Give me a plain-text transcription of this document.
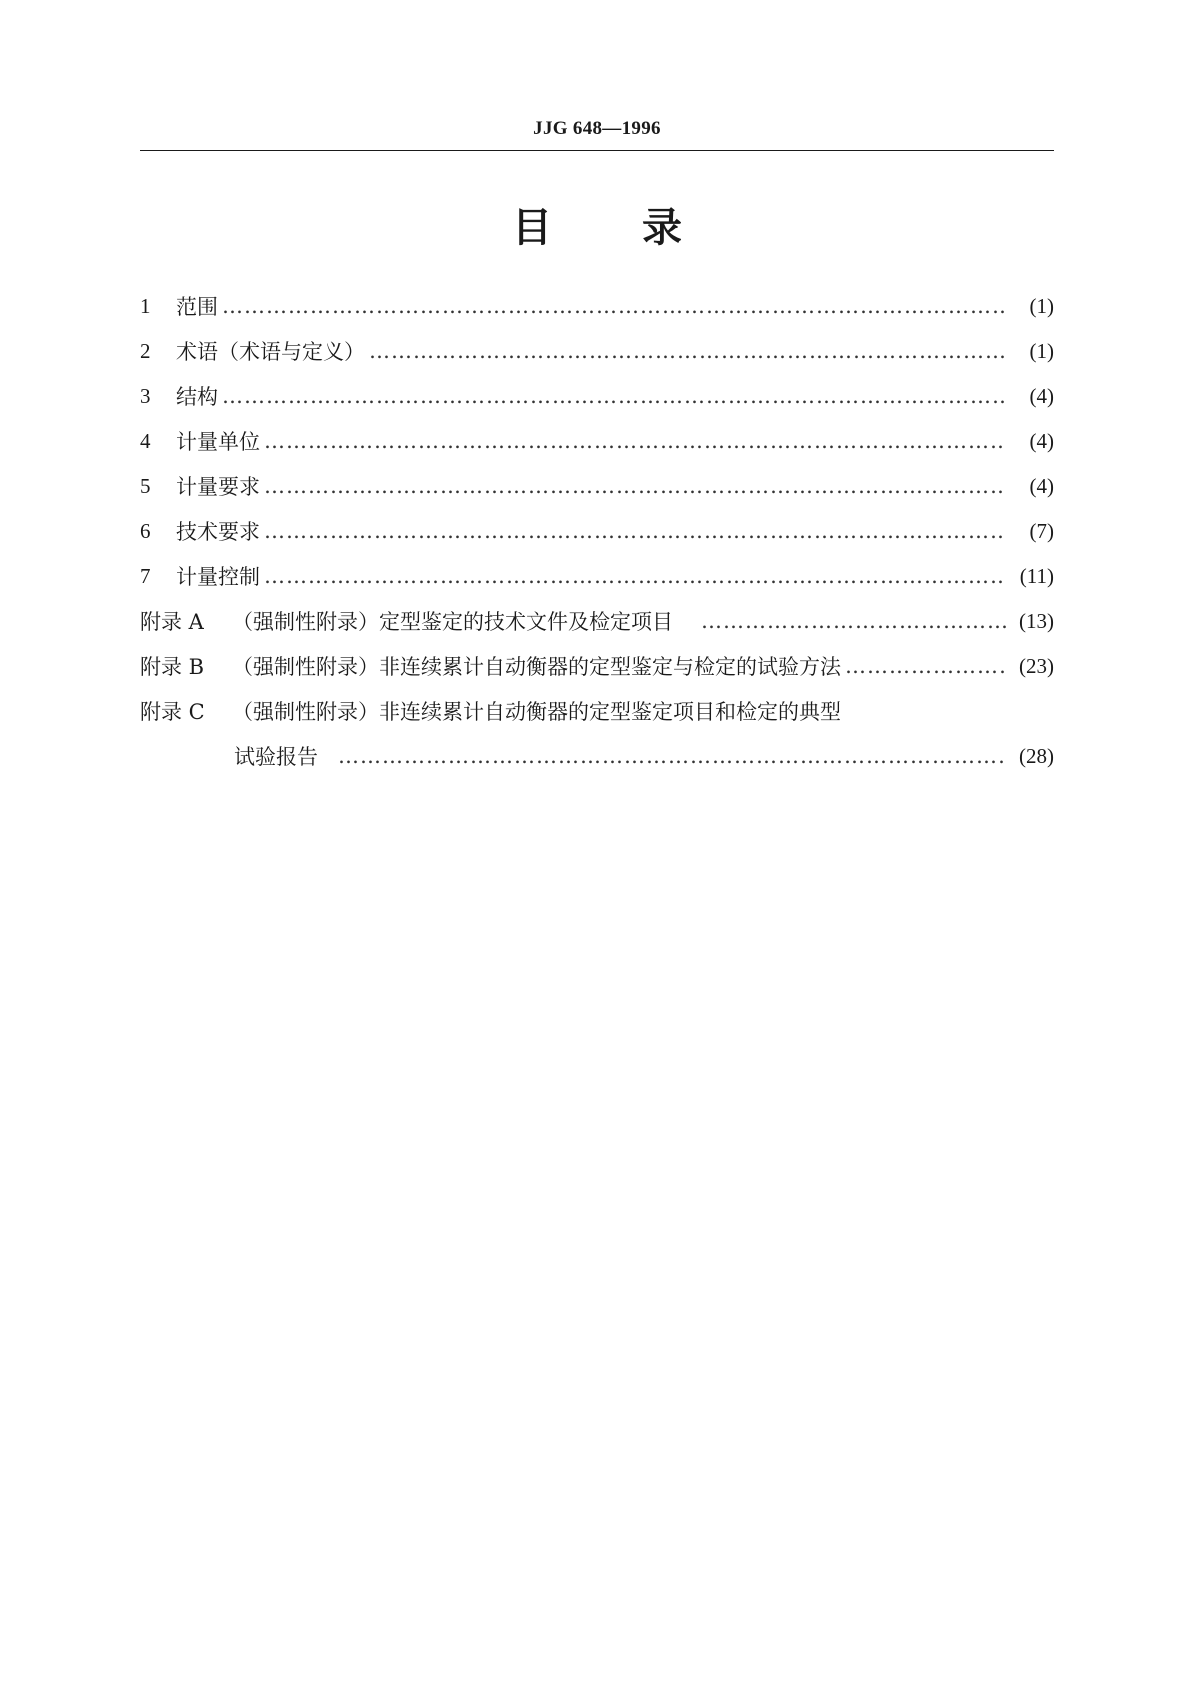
JJG 648—1996
目 录
1	范围 ………………………………………………………………………………………………………………………………………………	(1)
2	术语（术语与定义） ………………………………………………………………………………………………………………………………………………	(1)
3	结构 ………………………………………………………………………………………………………………………………………………	(4)
4	计量单位 ………………………………………………………………………………………………………………………………………………	(4)
5	计量要求 ………………………………………………………………………………………………………………………………………………	(4)
6	技术要求 ………………………………………………………………………………………………………………………………………………	(7)
7	计量控制 ………………………………………………………………………………………………………………………………………………	(11)
附录 A	（强制性附录）定型鉴定的技术文件及检定项目 ………………………………………………………………………………………………………………………………………………	(13)
附录 B	（强制性附录）非连续累计自动衡器的定型鉴定与检定的试验方法 ………………………………………………………………………………………………………………………………………………	(23)
附录 C	（强制性附录）非连续累计自动衡器的定型鉴定项目和检定的典型
试验报告 ………………………………………………………………………………………………………………………………………………	(28)
